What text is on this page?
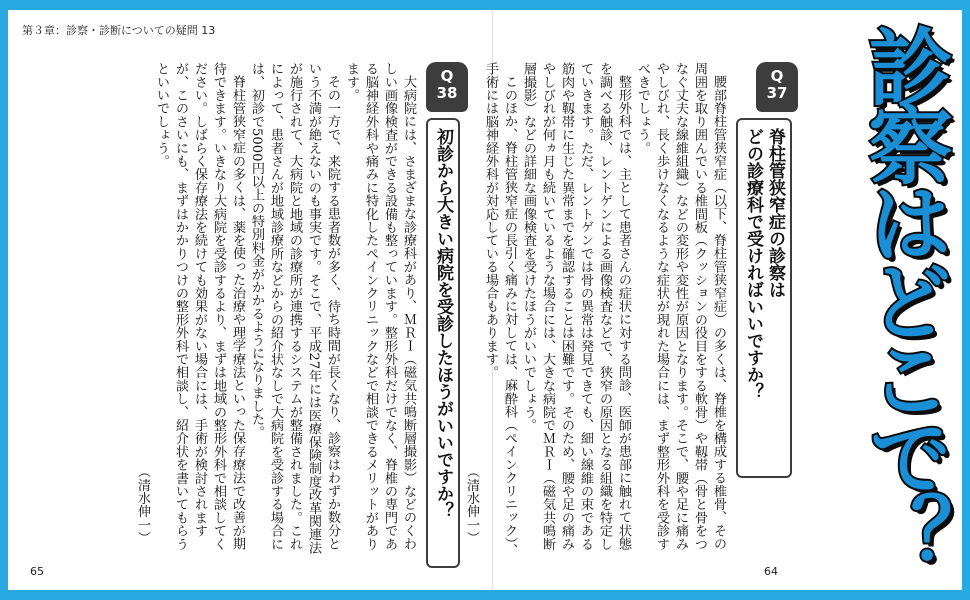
第３章：診察・診断についての疑問 13
Q
38
初診から大きい病院を受診したほうがいいですか？

大病院には、さまざまな診療科があり、ＭＲＩ（磁気共鳴断層撮影）などのくわしい画像検査ができる設備も整っています。整形外科だけでなく、脊椎の専門である脳神経外科や痛みに特化したペインクリニックなどで相談できるメリットがあります。

その一方で、来院する患者数が多く、待ち時間が長くなり、診察はわずか数分という不満が絶えないのも事実です。そこで、平成27年には医療保険制度改革関連法が施行されて、大病院と地域の診療所が連携するシステムが整備されました。これによって、患者さんが地域診療所などからの紹介状なしで大病院を受診する場合には、初診で5000円以上の特別料金がかかるようになりました。

脊柱管狭窄症の多くは、薬を使った治療や理学療法といった保存療法で改善が期待できます。いきなり大病院を受診するより、まずは地域の整形外科で相談してください。しばらく保存療法を続けても効果がない場合には、手術が検討されますが、このさいにも、まずはかかりつけの整形外科で相談し、紹介状を書いてもらうといいでしょう。

（清水伸一）

65
Q
37
脊柱管狭窄症の診察は
どの診療科で受ければいいですか？

腰部脊柱管狭窄症（以下、脊柱管狭窄症）の多くは、脊椎を構成する椎骨、その周囲を取り囲んでいる椎間板（クッションの役目をする軟骨）や靱帯（骨と骨をつなぐ丈夫な線維組織）などの変形や変性が原因となります。そこで、腰や足に痛みやしびれ、長く歩けなくなるような症状が現れた場合には、まず整形外科を受診すべきでしょう。

整形外科では、主として患者さんの症状に対する問診、医師が患部に触れて状態を調べる触診、レントゲンによる画像検査などで、狭窄の原因となる組織を特定していきます。ただ、レントゲンでは骨の異常は発見できても、細い線維の束である筋肉や靱帯に生じた異常までを確認することは困難です。そのため、腰や足の痛みやしびれが何ヵ月も続いているような場合には、大きな病院でＭＲＩ（磁気共鳴断層撮影）などの詳細な画像検査を受けたほうがいいでしょう。

このほか、脊柱管狭窄症の長引く痛みに対しては、麻酔科（ペインクリニック）、手術には脳神経外科が対応している場合もあります。

（清水伸一）	診察はどこで？
64
